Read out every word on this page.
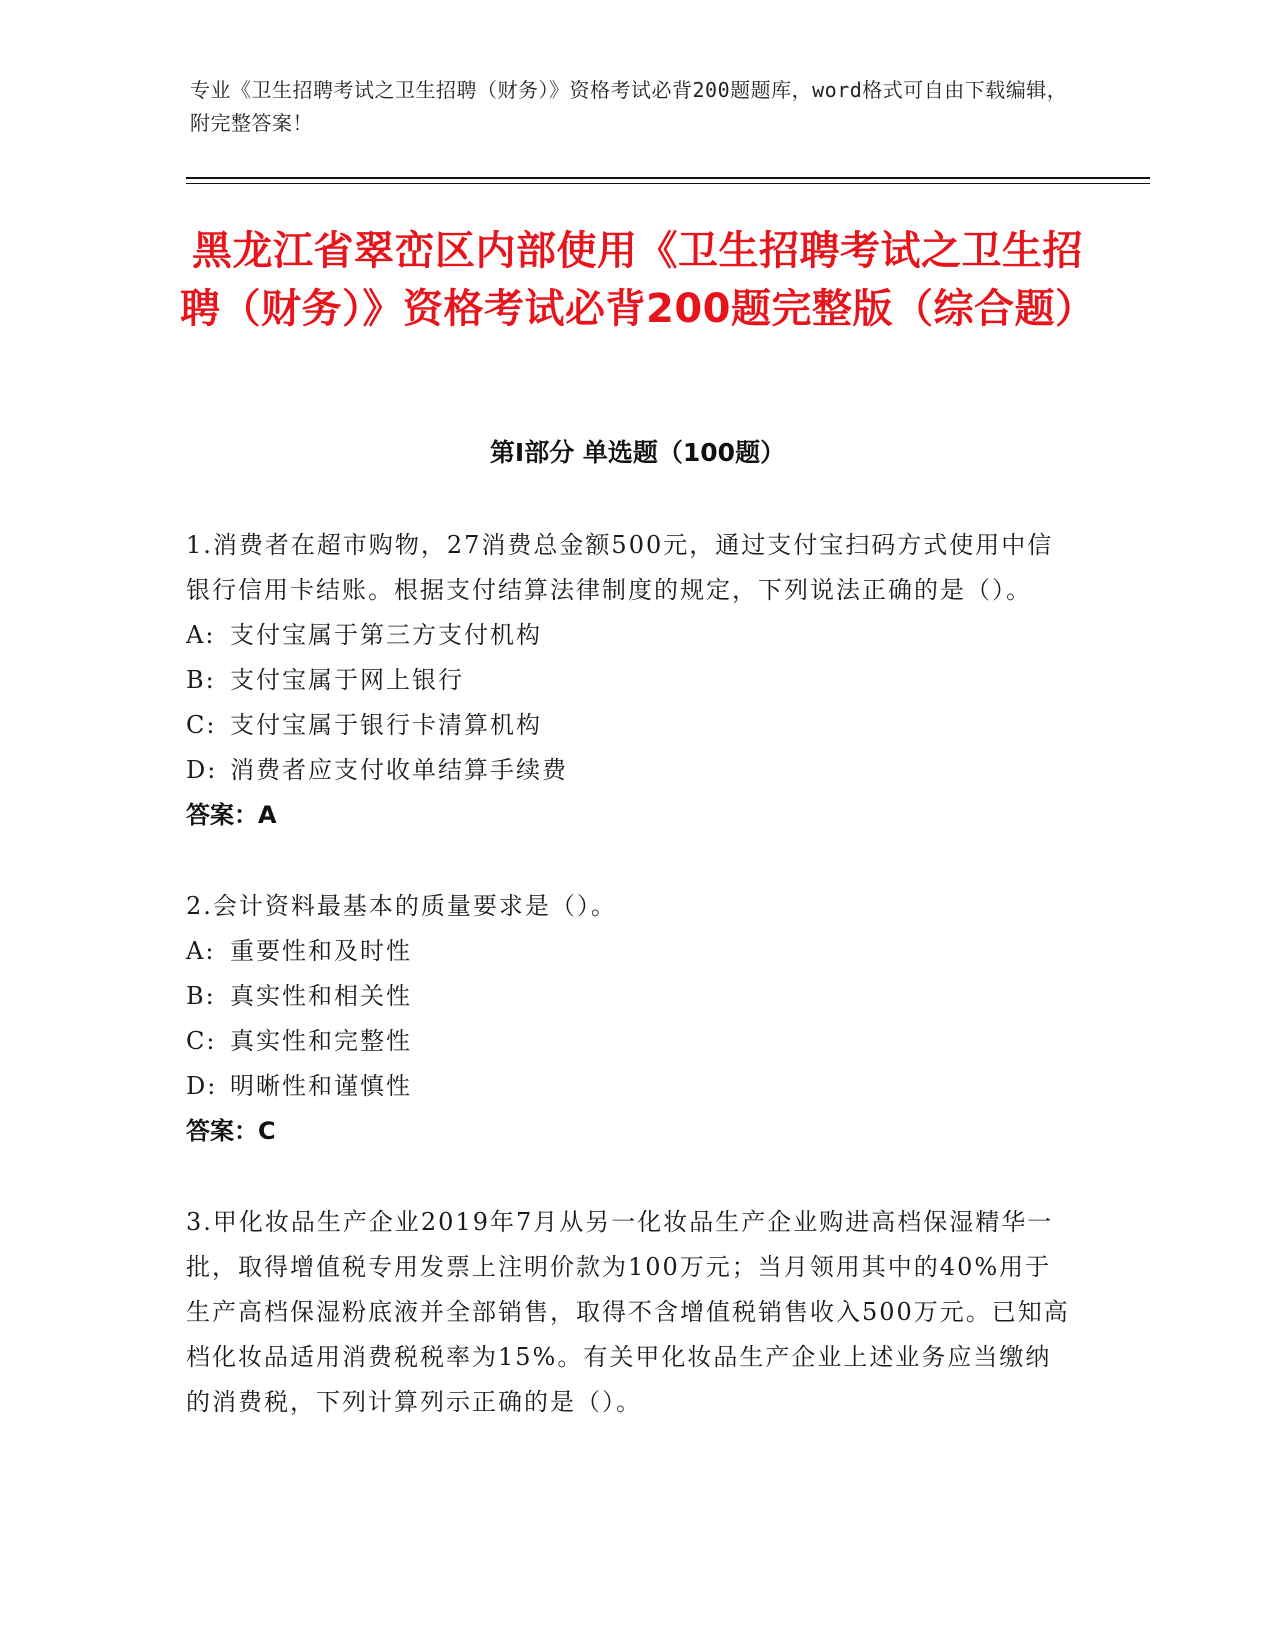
专业《卫生招聘考试之卫生招聘（财务）》资格考试必背200题题库，word格式可自由下载编辑，附完整答案！
黑龙江省翠峦区内部使用《卫生招聘考试之卫生招聘（财务）》资格考试必背200题完整版（综合题）
第Ⅰ部分 单选题（100题）
1.消费者在超市购物，27消费总金额500元，通过支付宝扫码方式使用中信银行信用卡结账。根据支付结算法律制度的规定，下列说法正确的是（）。
A: 支付宝属于第三方支付机构
B: 支付宝属于网上银行
C: 支付宝属于银行卡清算机构
D: 消费者应支付收单结算手续费
答案：A
2.会计资料最基本的质量要求是（）。
A: 重要性和及时性
B: 真实性和相关性
C: 真实性和完整性
D: 明晰性和谨慎性
答案：C
3.甲化妆品生产企业2019年7月从另一化妆品生产企业购进高档保湿精华一批，取得增值税专用发票上注明价款为100万元；当月领用其中的40%用于生产高档保湿粉底液并全部销售，取得不含增值税销售收入500万元。已知高档化妆品适用消费税税率为15%。有关甲化妆品生产企业上述业务应当缴纳的消费税，下列计算列示正确的是（）。
